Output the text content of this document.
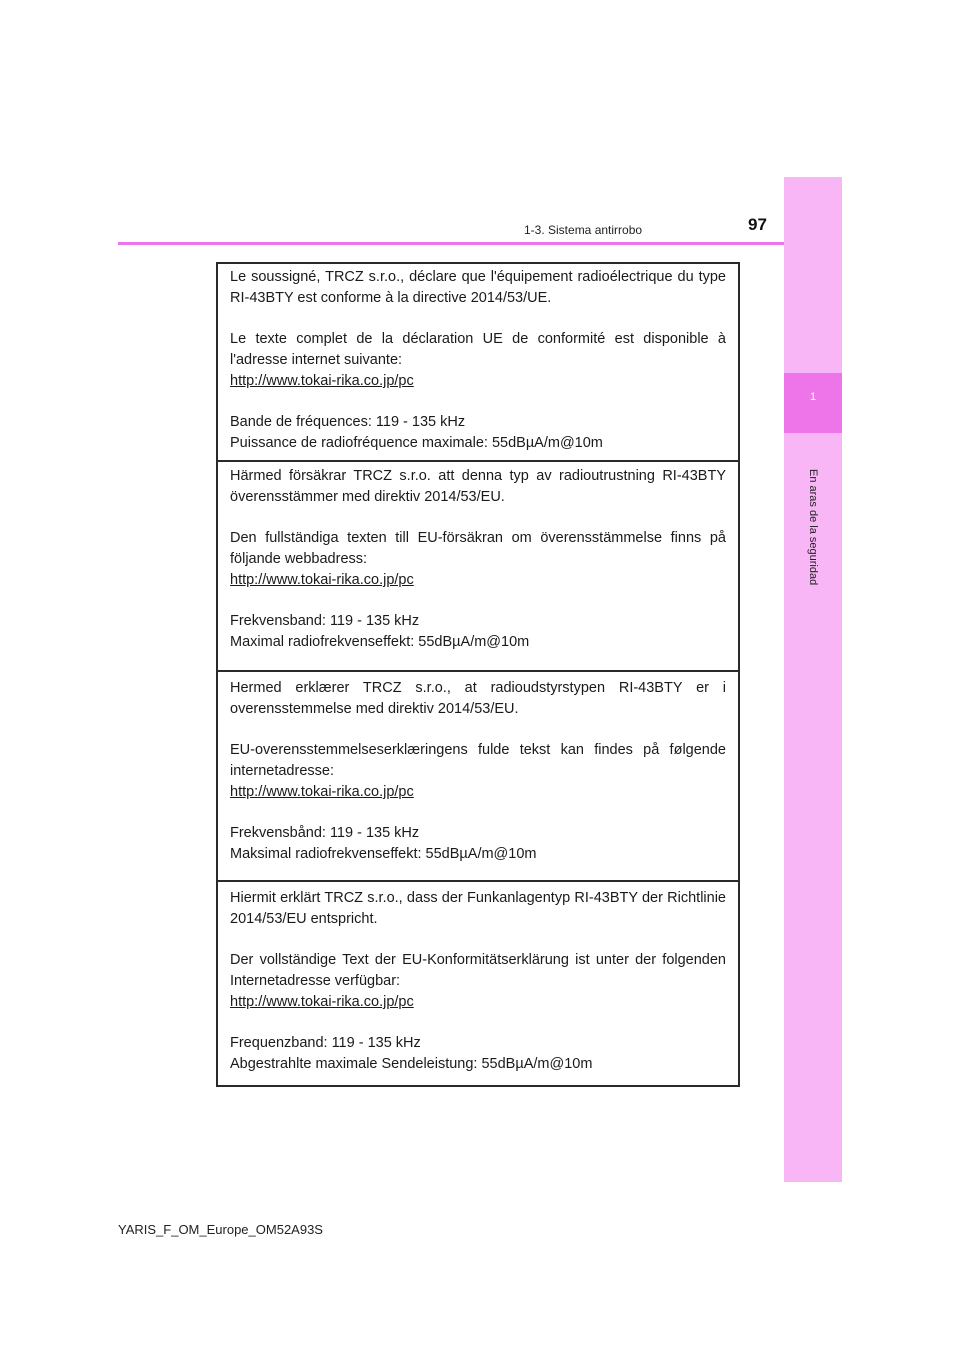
1
En aras de la seguridad
1-3. Sistema antirrobo	97

Le soussigné, TRCZ s.r.o., déclare que l'équipement radioélectrique du type RI-43BTY est conforme à la directive 2014/53/UE.

Le texte complet de la déclaration UE de conformité est disponible à l'adresse internet suivante:

http://www.tokai-rika.co.jp/pc

Bande de fréquences: 119 - 135 kHz

Puissance de radiofréquence maximale: 55dBµA/m@10m

Härmed försäkrar TRCZ s.r.o. att denna typ av radioutrustning RI-43BTY överensstämmer med direktiv 2014/53/EU.

Den fullständiga texten till EU-försäkran om överensstämmelse finns på följande webbadress:

http://www.tokai-rika.co.jp/pc

Frekvensband: 119 - 135 kHz

Maximal radiofrekvenseffekt: 55dBµA/m@10m

Hermed erklærer TRCZ s.r.o., at radioudstyrstypen RI-43BTY er i overensstemmelse med direktiv 2014/53/EU.

EU-overensstemmelseserklæringens fulde tekst kan findes på følgende internetadresse:

http://www.tokai-rika.co.jp/pc

Frekvensbånd: 119 - 135 kHz

Maksimal radiofrekvenseffekt: 55dBµA/m@10m

Hiermit erklärt TRCZ s.r.o., dass der Funkanlagentyp RI-43BTY der Richtlinie 2014/53/EU entspricht.

Der vollständige Text der EU-Konformitätserklärung ist unter der folgenden Internetadresse verfügbar:

http://www.tokai-rika.co.jp/pc

Frequenzband: 119 - 135 kHz

Abgestrahlte maximale Sendeleistung: 55dBµA/m@10m

YARIS_F_OM_Europe_OM52A93S
